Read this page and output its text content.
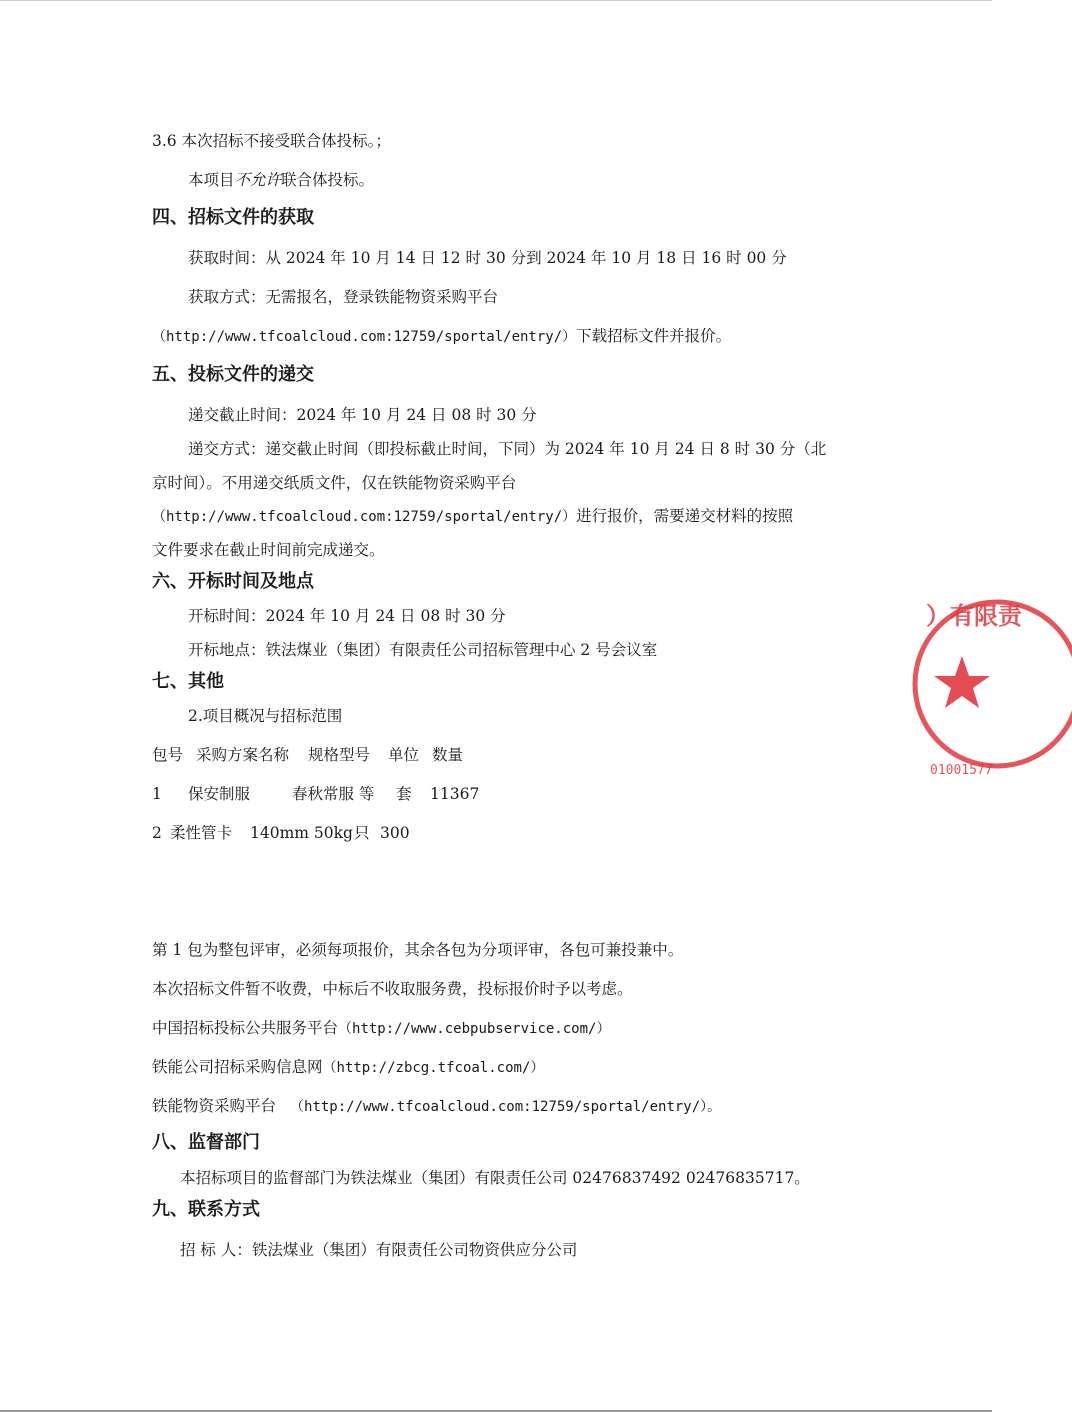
3.6 本次招标不接受联合体投标。；
本项目不允许联合体投标。
四、招标文件的获取
获取时间：从 2024 年 10 月 14 日 12 时 30 分到 2024 年 10 月 18 日 16 时 00 分
获取方式：无需报名，登录铁能物资采购平台
（http://www.tfcoalcloud.com:12759/sportal/entry/）下载招标文件并报价。
五、投标文件的递交
递交截止时间：2024 年 10 月 24 日 08 时 30 分
递交方式：递交截止时间（即投标截止时间，下同）为 2024 年 10 月 24 日 8 时 30 分（北
京时间）。不用递交纸质文件，仅在铁能物资采购平台
（http://www.tfcoalcloud.com:12759/sportal/entry/）进行报价，需要递交材料的按照
文件要求在截止时间前完成递交。
六、开标时间及地点
开标时间：2024 年 10 月 24 日 08 时 30 分
开标地点：铁法煤业（集团）有限责任公司招标管理中心 2 号会议室
七、其他
2.项目概况与招标范围
包号 采购方案名称 规格型号 单位 数量
1 保安制服	春秋常服 等 套 11367
2 柔性管卡 140mm 50kg只 300
第 1 包为整包评审，必须每项报价，其余各包为分项评审，各包可兼投兼中。
本次招标文件暂不收费，中标后不收取服务费，投标报价时予以考虑。
中国招标投标公共服务平台（http://www.cebpubservice.com/）
铁能公司招标采购信息网（http://zbcg.tfcoal.com/）
铁能物资采购平台 （http://www.tfcoalcloud.com:12759/sportal/entry/）。
八、监督部门
本招标项目的监督部门为铁法煤业（集团）有限责任公司 02476837492 02476835717。
九、联系方式
招 标 人：铁法煤业（集团）有限责任公司物资供应分公司
）有限责
01001577
